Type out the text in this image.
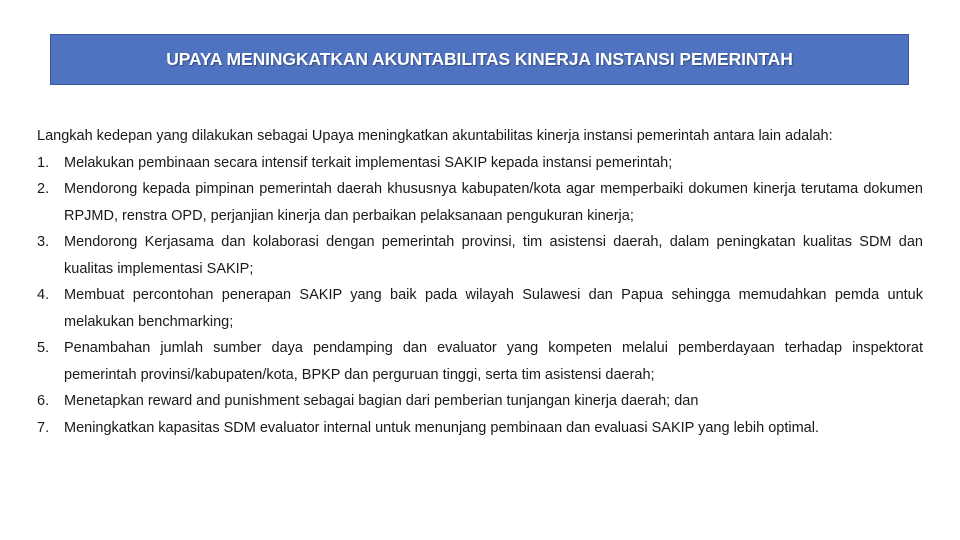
UPAYA MENINGKATKAN AKUNTABILITAS KINERJA INSTANSI PEMERINTAH

Langkah kedepan yang dilakukan sebagai Upaya meningkatkan akuntabilitas kinerja instansi pemerintah antara lain adalah:

1. Melakukan pembinaan secara intensif terkait implementasi SAKIP kepada instansi pemerintah;
2. Mendorong kepada pimpinan pemerintah daerah khususnya kabupaten/kota agar memperbaiki dokumen kinerja terutama dokumen RPJMD, renstra OPD, perjanjian kinerja dan perbaikan pelaksanaan pengukuran kinerja;
3. Mendorong Kerjasama dan kolaborasi dengan pemerintah provinsi, tim asistensi daerah, dalam peningkatan kualitas SDM dan kualitas implementasi SAKIP;
4. Membuat percontohan penerapan SAKIP yang baik pada wilayah Sulawesi dan Papua sehingga memudahkan pemda untuk melakukan benchmarking;
5. Penambahan jumlah sumber daya pendamping dan evaluator yang kompeten melalui pemberdayaan terhadap inspektorat pemerintah provinsi/kabupaten/kota, BPKP dan perguruan tinggi, serta tim asistensi daerah;
6. Menetapkan reward and punishment sebagai bagian dari pemberian tunjangan kinerja daerah; dan
7. Meningkatkan kapasitas SDM evaluator internal untuk menunjang pembinaan dan evaluasi SAKIP yang lebih optimal.
